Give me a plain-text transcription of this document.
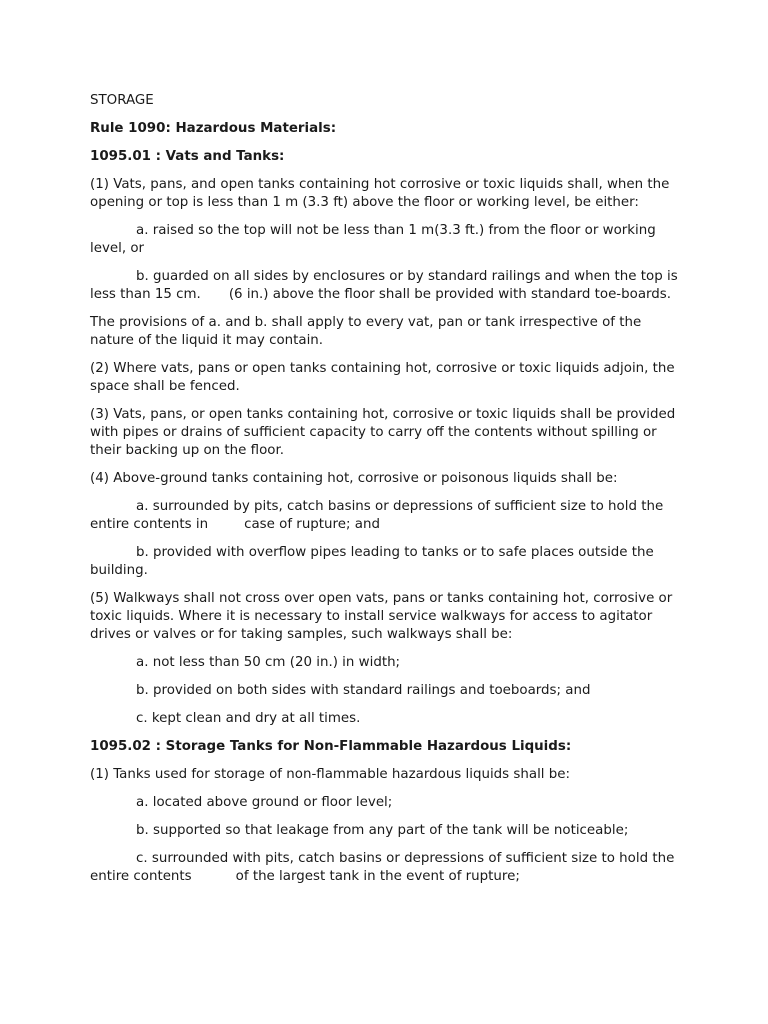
STORAGE

Rule 1090: Hazardous Materials:

1095.01 : Vats and Tanks:

(1) Vats, pans, and open tanks containing hot corrosive or toxic liquids shall, when the opening or top is less than 1 m (3.3 ft) above the floor or working level, be either:

a. raised so the top will not be less than 1 m(3.3 ft.) from the floor or working level, or

b. guarded on all sides by enclosures or by standard railings and when the top is less than 15 cm. (6 in.) above the floor shall be provided with standard toe-boards.

The provisions of a. and b. shall apply to every vat, pan or tank irrespective of the nature of the liquid it may contain.

(2) Where vats, pans or open tanks containing hot, corrosive or toxic liquids adjoin, the space shall be fenced.

(3) Vats, pans, or open tanks containing hot, corrosive or toxic liquids shall be provided with pipes or drains of sufficient capacity to carry off the contents without spilling or their backing up on the floor.

(4) Above-ground tanks containing hot, corrosive or poisonous liquids shall be:

a. surrounded by pits, catch basins or depressions of sufficient size to hold the entire contents in	case of rupture; and

b. provided with overflow pipes leading to tanks or to safe places outside the building.

(5) Walkways shall not cross over open vats, pans or tanks containing hot, corrosive or toxic liquids. Where it is necessary to install service walkways for access to agitator drives or valves or for taking samples, such walkways shall be:

a. not less than 50 cm (20 in.) in width;

b. provided on both sides with standard railings and toeboards; and

c. kept clean and dry at all times.

1095.02 : Storage Tanks for Non-Flammable Hazardous Liquids:

(1) Tanks used for storage of non-flammable hazardous liquids shall be:

a. located above ground or floor level;

b. supported so that leakage from any part of the tank will be noticeable;

c. surrounded with pits, catch basins or depressions of sufficient size to hold the entire contents	of the largest tank in the event of rupture;
